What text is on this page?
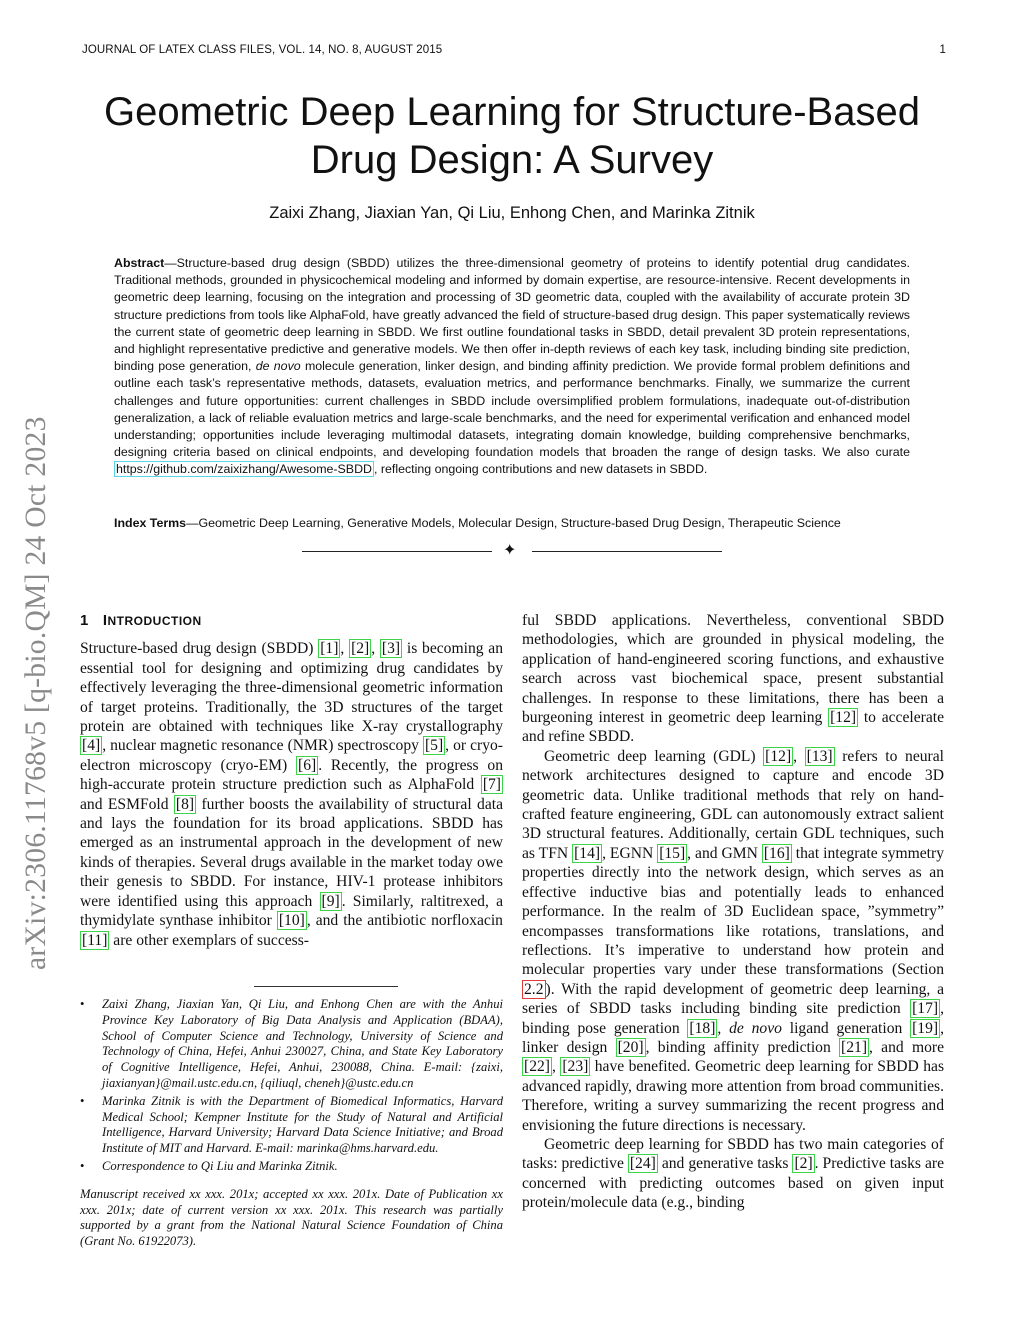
JOURNAL OF LATEX CLASS FILES, VOL. 14, NO. 8, AUGUST 2015	1
Geometric Deep Learning for Structure-Based
Drug Design: A Survey
Zaixi Zhang, Jiaxian Yan, Qi Liu, Enhong Chen, and Marinka Zitnik
Abstract—Structure-based drug design (SBDD) utilizes the three-dimensional geometry of proteins to identify potential drug candidates. Traditional methods, grounded in physicochemical modeling and informed by domain expertise, are resource-intensive. Recent developments in geometric deep learning, focusing on the integration and processing of 3D geometric data, coupled with the availability of accurate protein 3D structure predictions from tools like AlphaFold, have greatly advanced the field of structure-based drug design. This paper systematically reviews the current state of geometric deep learning in SBDD. We first outline foundational tasks in SBDD, detail prevalent 3D protein representations, and highlight representative predictive and generative models. We then offer in-depth reviews of each key task, including binding site prediction, binding pose generation, de novo molecule generation, linker design, and binding affinity prediction. We provide formal problem definitions and outline each task’s representative methods, datasets, evaluation metrics, and performance benchmarks. Finally, we summarize the current challenges and future opportunities: current challenges in SBDD include oversimplified problem formulations, inadequate out-of-distribution generalization, a lack of reliable evaluation metrics and large-scale benchmarks, and the need for experimental verification and enhanced model understanding; opportunities include leveraging multimodal datasets, integrating domain knowledge, building comprehensive benchmarks, designing criteria based on clinical endpoints, and developing foundation models that broaden the range of design tasks. We also curate https://github.com/zaixizhang/Awesome-SBDD , reflecting ongoing contributions and new datasets in SBDD.
Index Terms—Geometric Deep Learning, Generative Models, Molecular Design, Structure-based Drug Design, Therapeutic Science
✦
arXiv:2306.11768v5 [q-bio.QM] 24 Oct 2023 1 INTRODUCTION

Structure-based drug design (SBDD) [1] , [2] , [3] is becoming an essential tool for designing and optimizing drug candidates by effectively leveraging the three-dimensional geometric information of target proteins. Traditionally, the 3D structures of the target protein are obtained with techniques like X-ray crystallography [4] , nuclear magnetic resonance (NMR) spectroscopy [5] , or cryo-electron microscopy (cryo-EM) [6] . Recently, the progress on high-accurate protein structure prediction such as AlphaFold [7] and ESMFold [8] further boosts the availability of structural data and lays the foundation for its broad applications. SBDD has emerged as an instrumental approach in the development of new kinds of therapies. Several drugs available in the market today owe their genesis to SBDD. For instance, HIV-1 protease inhibitors were identified using this approach [9] . Similarly, raltitrexed, a thymidylate synthase inhibitor [10] , and the antibiotic norfloxacin [11] are other exemplars of success-

• Zaixi Zhang, Jiaxian Yan, Qi Liu, and Enhong Chen are with the Anhui Province Key Laboratory of Big Data Analysis and Application (BDAA), School of Computer Science and Technology, University of Science and Technology of China, Hefei, Anhui 230027, China, and State Key Laboratory of Cognitive Intelligence, Hefei, Anhui, 230088, China. E-mail: {zaixi, jiaxianyan}@mail.ustc.edu.cn, {qiliuql, cheneh}@ustc.edu.cn
• Marinka Zitnik is with the Department of Biomedical Informatics, Harvard Medical School; Kempner Institute for the Study of Natural and Artificial Intelligence, Harvard University; Harvard Data Science Initiative; and Broad Institute of MIT and Harvard. E-mail: marinka@hms.harvard.edu.
• Correspondence to Qi Liu and Marinka Zitnik.
Manuscript received xx xxx. 201x; accepted xx xxx. 201x. Date of Publication xx xxx. 201x; date of current version xx xxx. 201x. This research was partially supported by a grant from the National Natural Science Foundation of China (Grant No. 61922073).

ful SBDD applications. Nevertheless, conventional SBDD methodologies, which are grounded in physical modeling, the application of hand-engineered scoring functions, and exhaustive search across vast biochemical space, present substantial challenges. In response to these limitations, there has been a burgeoning interest in geometric deep learning [12] to accelerate and refine SBDD.

Geometric deep learning (GDL) [12] , [13] refers to neural network architectures designed to capture and encode 3D geometric data. Unlike traditional methods that rely on hand-crafted feature engineering, GDL can autonomously extract salient 3D structural features. Additionally, certain GDL techniques, such as TFN [14] , EGNN [15] , and GMN [16] that integrate symmetry properties directly into the network design, which serves as an effective inductive bias and potentially leads to enhanced performance. In the realm of 3D Euclidean space, ”symmetry” encompasses transformations like rotations, translations, and reflections. It’s imperative to understand how protein and molecular properties vary under these transformations (Section 2.2 ). With the rapid development of geometric deep learning, a series of SBDD tasks including binding site prediction [17] , binding pose generation [18] , de novo ligand generation [19] , linker design [20] , binding affinity prediction [21] , and more [22] , [23] have benefited. Geometric deep learning for SBDD has advanced rapidly, drawing more attention from broad communities. Therefore, writing a survey summarizing the recent progress and envisioning the future directions is necessary.

Geometric deep learning for SBDD has two main categories of tasks: predictive [24] and generative tasks [2] . Predictive tasks are concerned with predicting outcomes based on given input protein/molecule data (e.g., binding
